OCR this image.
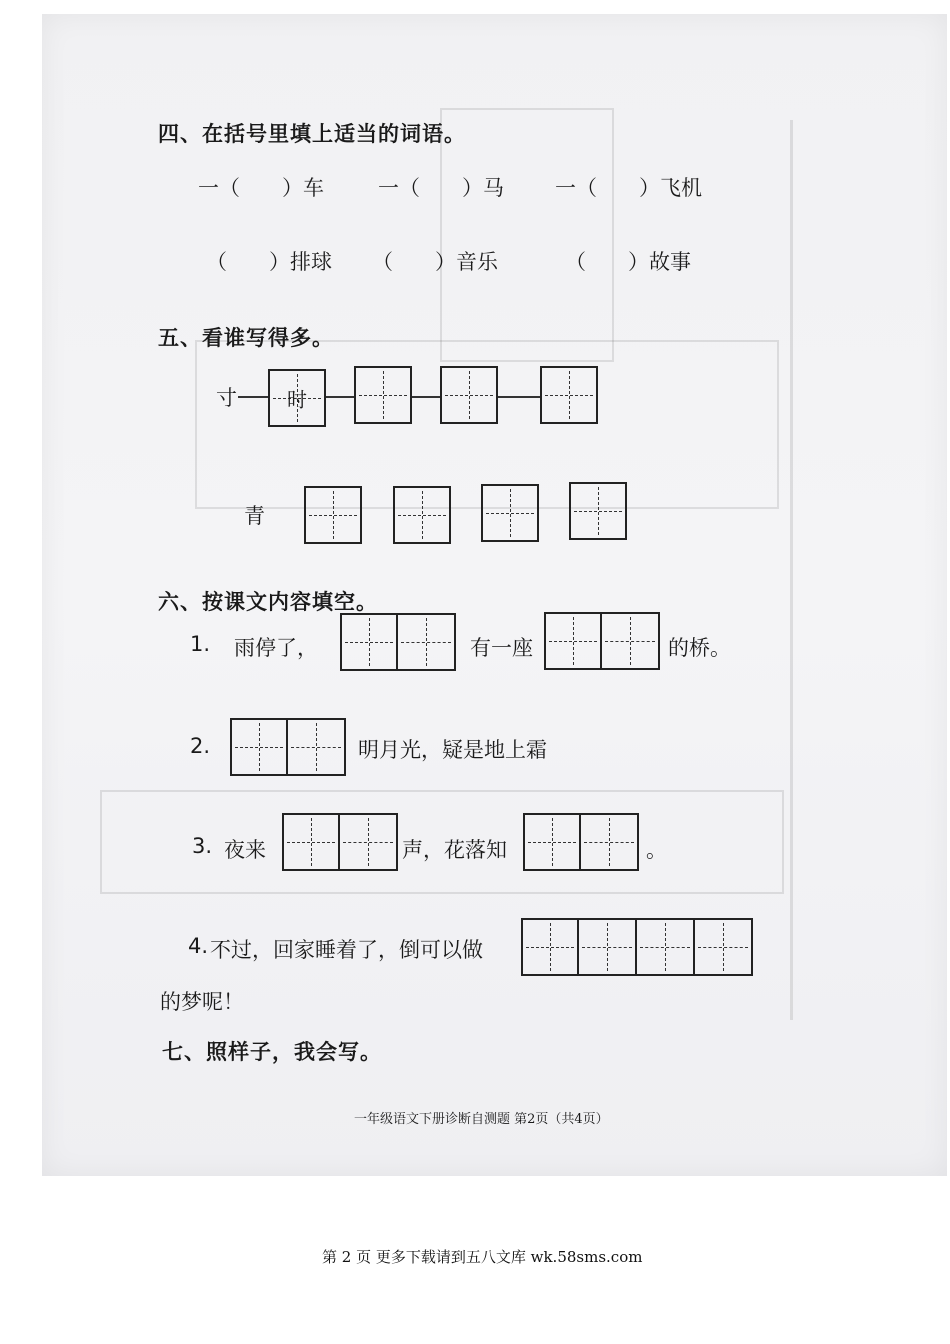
四、在括号里填上适当的词语。
一（　　）车	一（　　）马 一（　　）飞机
（　　）排球 （　　）音乐	（　　）故事
五、看谁写得多。
寸	时
青
六、按课文内容填空。
1. 雨停了，	有一座	的桥。
2.	明月光，疑是地上霜
3. 夜来	声，花落知	。
4. 不过，回家睡着了，倒可以做
的梦呢！
七、照样子，我会写。
一年级语文下册诊断自测题 第2页（共4页）
第 2 页 更多下载请到五八文库 wk.58sms.com
